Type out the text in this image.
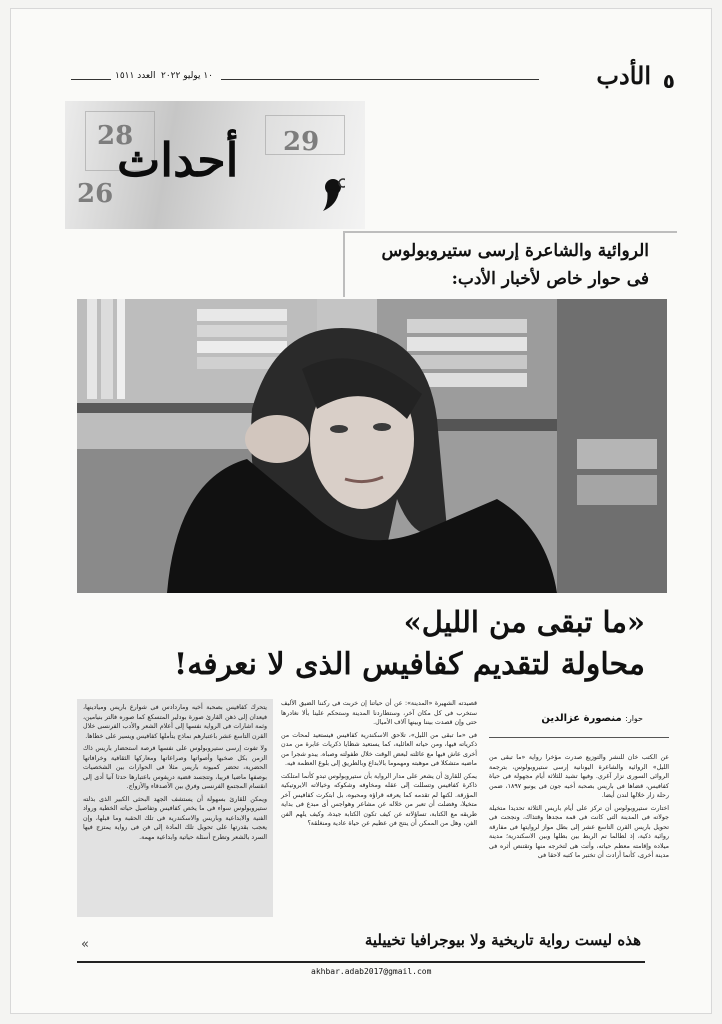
٥
الأدب
١٠ يوليو ٢٠٢٢
العدد ١٥١١
28	29
26
أحداث
الروائية والشاعرة إرسى ستيروبولوس
فى حوار خاص لأخبار الأدب:
«ما تبقى من الليل»
محاولة لتقديم كفافيس الذى لا نعرفه!
حوار: منصورة عزالدين

عن الكتب خان للنشر والتوزيع صدرت مؤخرا رواية «ما تبقى من الليل» الروائية والشاعرة اليونانية إرسى ستيروبولوس، بترجمة الروائى السورى نزار آغري. وفيها تشيد للثلاثة أيام مجهولة فى حياة كفافيس، قضاها فى باريس بصحبة أخيه جون فى يونيو ١٨٩٧، ضمن رحلة زار خلالها لندن أيضا.

اختارت ستيروبولوس أن تركز على أيام باريس الثلاثة تحديدا متخيلة جولاته فى المدينة التى كانت فى قمة مجدها وقتذاك، ونجحت فى تحويل باريس القرن التاسع عشر إلى بطل مواز لروايتها فى مفارقة روائية ذكية، إذ لطالما تم الربط بين بطلها وبين الاسكندرية؛ مدينة ميلاده وإقامته معظم حياته، وأتت هى لتخرجه منها وتقتنص أثره فى مدينة أخرى، كأنما أرادت أن تختبر ما كتبه لاحقا فى

قصيدته الشهيرة «المدينة»: عن أن حياتنا إن خربت فى ركننا الضيق الأليف ستخرب فى كل مكان آخر، وستطاردنا المدينة وستحكم علينا بألا نغادرها حتى وإن قصدت بيننا وبينها آلاف الأميال.

فى «ما تبقى من الليل»، تلاحق الاسكندرية كفافيس فيستعيد لمحات من ذكرياته فيها، ومن حياته العائلية، كما يستعيد شظايا ذكريات عابرة من مدن أخرى عاش فيها مع عائلته لبعض الوقت خلال طفولته وصباه. يبدو شجرا من ماضيه متشكلا فى موهبته ومهموما بالابداع وبالطريق إلى بلوغ العظمة فيه.

يمكن للقارئ أن يشعر على مدار الرواية بأن ستيروبولوس تبدو كأنما امتلكت ذاكرة كفافيس وتسللت إلى عقله ومخاوفه وشكوكه وخيالاته الايروتيكية المؤرقة. لكنها لم تقدمه كما يعرفه قراؤه ومحبوه، بل ابتكرت كفافيس آخر متخيلا، وفضلت أن تعبر من خلاله عن مشاعر وهواجس أى مبدع فى بداية طريقه مع الكتابة، تساؤلاته عن كيف تكون الكتابة جيدة، وكيف يلهم الفن الفن، وهل من الممكن أن ينتج فن عظيم عن حياة عادية ومنغلقة؟

يتحرك كفافيس بصحبة أخيه وماردادس فى شوارع باريس وميادينها، فيعدان إلى ذهن القارئ صورة بودلير المتسكع كما صوره فالتر بنيامين، وثمة اشارات فى الرواية نفسها إلى أعلام الشعر والأدب الفرنسى خلال القرن التاسع عشر باعتبارهم نماذج يتأملها كفافيس ويسير على خطاها.

ولا تفوت إرسى ستيروبولوس على نفسها فرصة استحضار باريس ذاك الزمن بكل صخبها وأصواتها وصراعاتها ومعاركها الثقافية وخرافاتها الحضرية، تحضر كميونة باريس مثلا فى الحوارات بين الشخصيات بوصفها ماضيا قريبا، وتتجسد قضية دريفوس باعتبارها حدثا آنيا أدى إلى انقسام المجتمع الفرنسى وفرق بين الأصدقاء والأزواج.

ويمكن للقارئ بسهولة أن يستشف الجهد البحثى الكبير الذى بذلته ستيروبولوس سواء فى ما يخص كفافيس وتفاصيل حياته الخطية ورواد الفنية والابداعية وباريس والاسكندرية فى تلك الحقبة وما قبلها، وإن يعجب بقدرتها على تحويل تلك المادة إلى فن فى رواية يمتزج فيها السرد بالشعر وتطرح أسئلة حياتية وابداعية مهمة.

هذه ليست رواية تاريخية ولا بيوجرافيا تخييلية
«
akhbar.adab2017@gmail.com
